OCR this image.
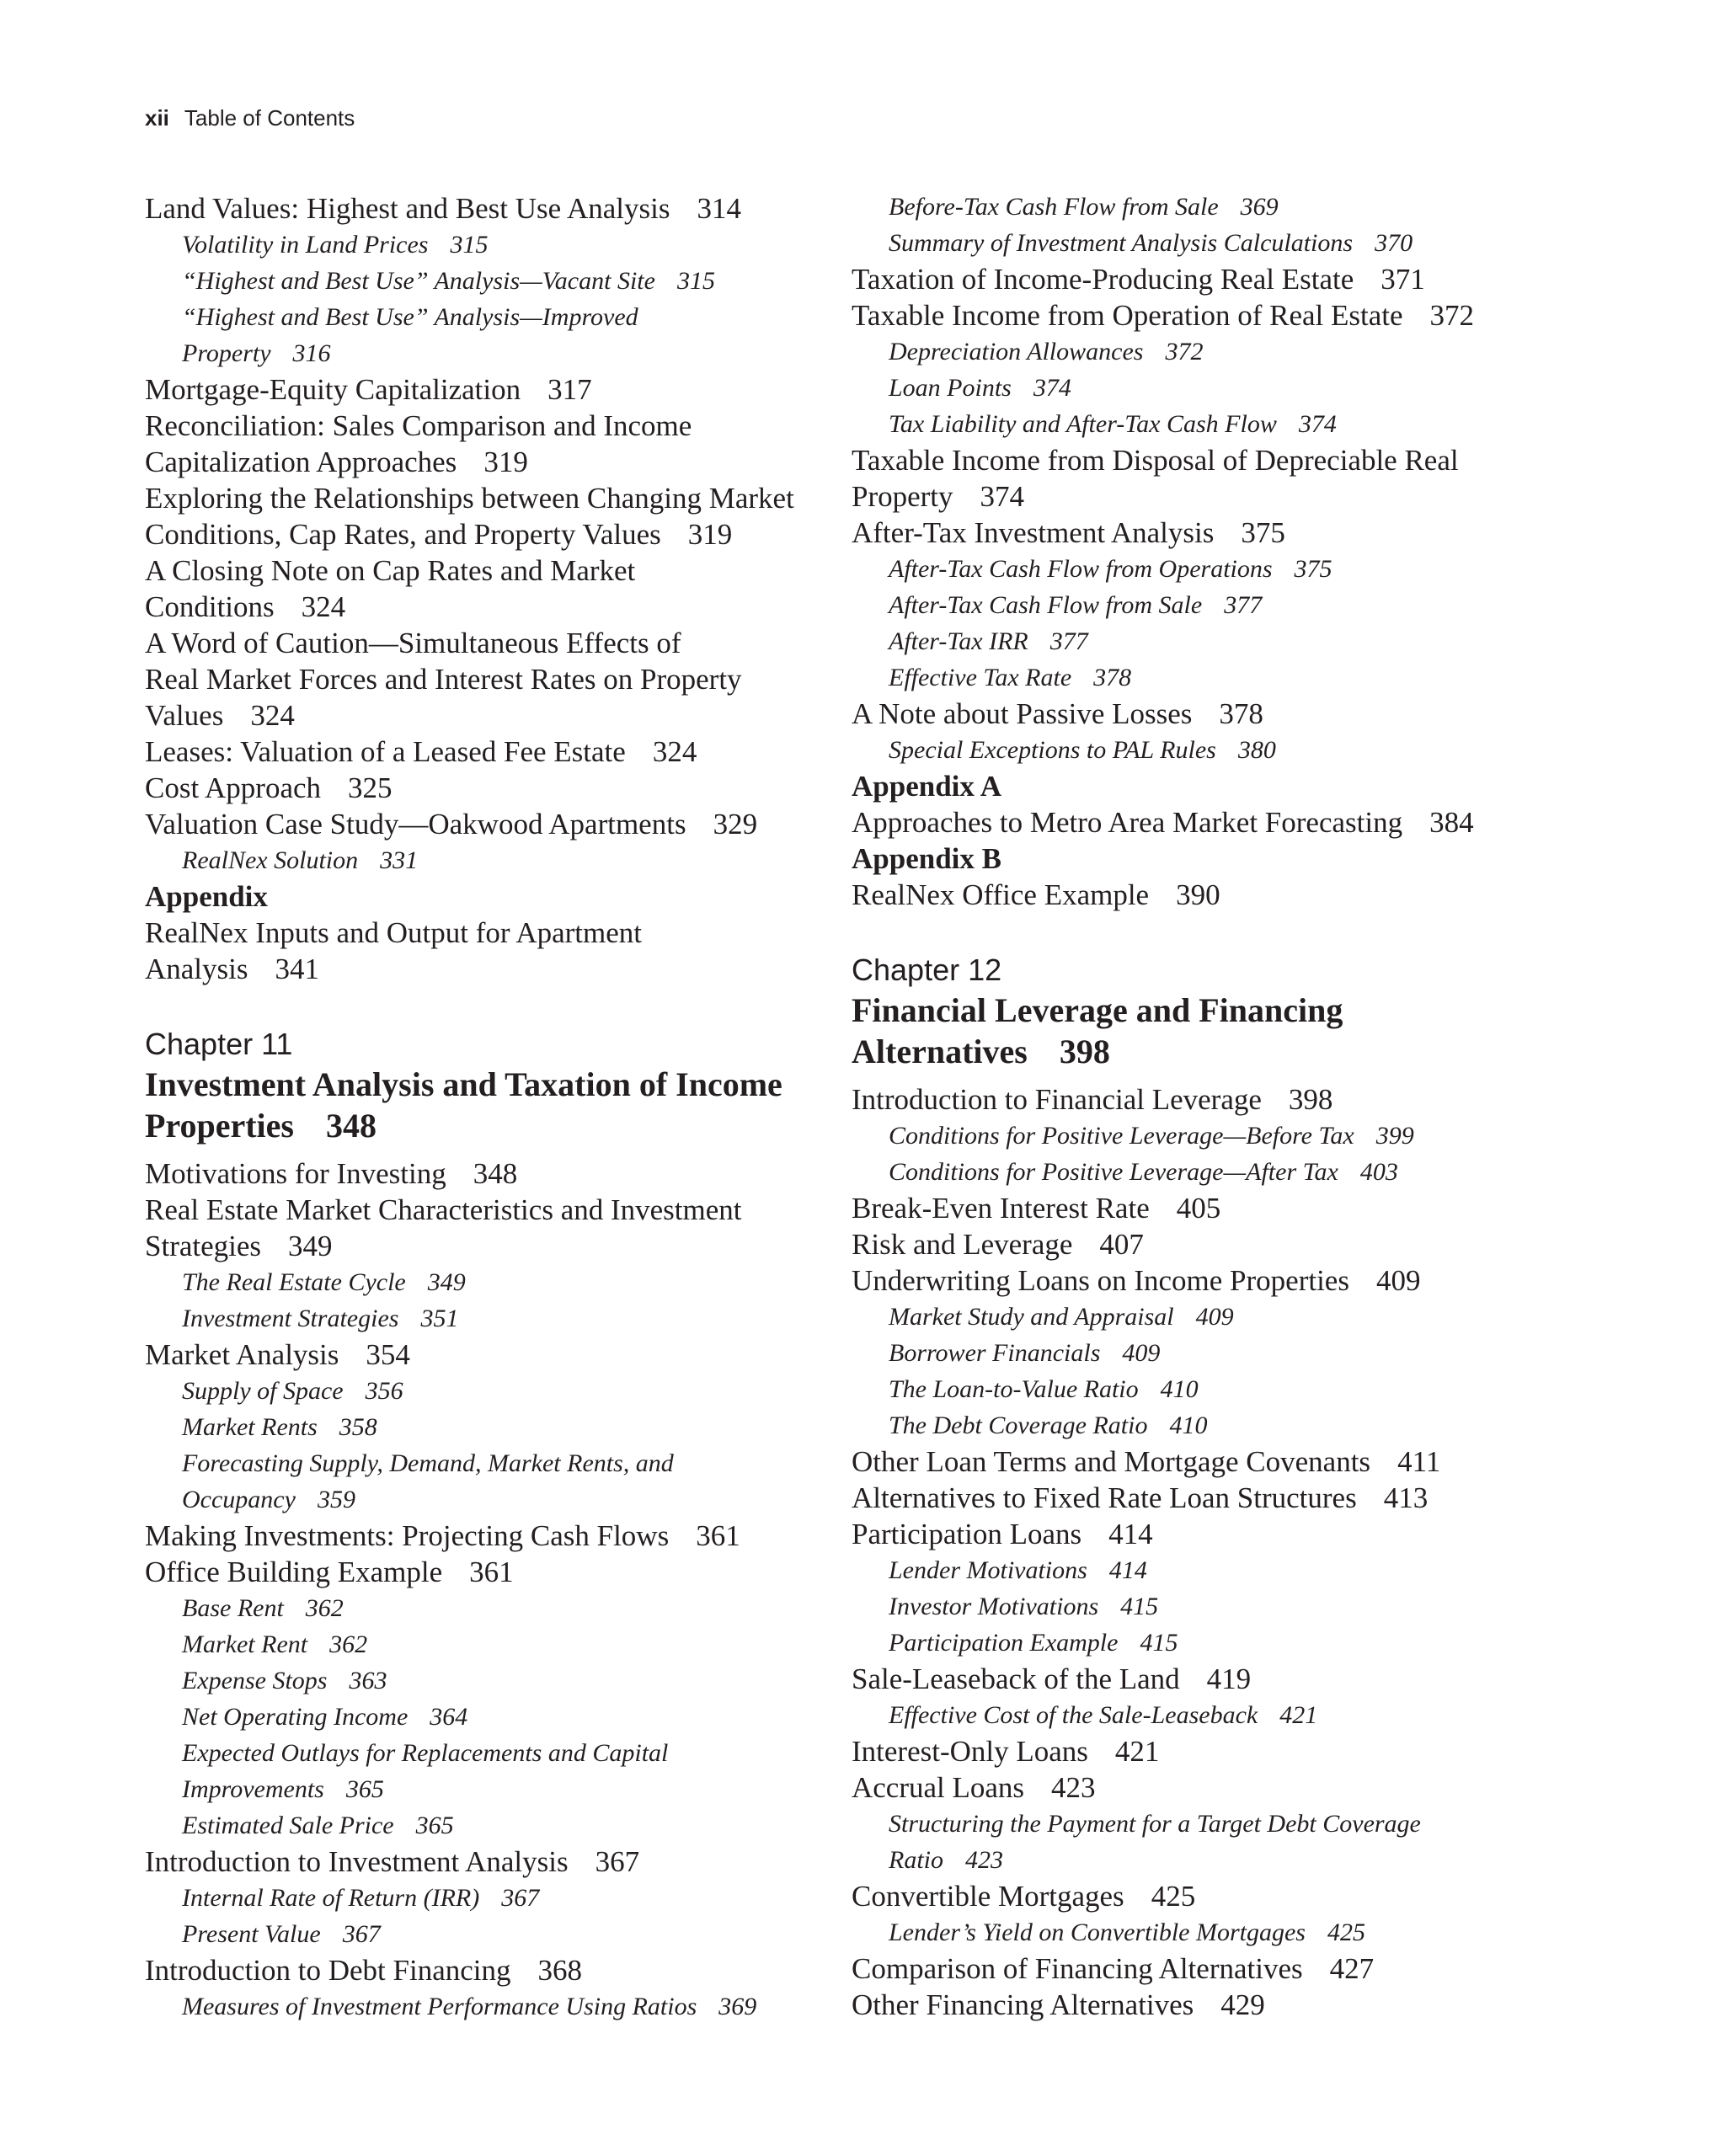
xii Table of Contents
Land Values: Highest and Best Use Analysis 314
Volatility in Land Prices 315
“Highest and Best Use” Analysis—Vacant Site 315
“Highest and Best Use” Analysis—Improved
Property 316
Mortgage-Equity Capitalization 317
Reconciliation: Sales Comparison and Income
Capitalization Approaches 319
Exploring the Relationships between Changing Market
Conditions, Cap Rates, and Property Values 319
A Closing Note on Cap Rates and Market
Conditions 324
A Word of Caution—Simultaneous Effects of
Real Market Forces and Interest Rates on Property
Values 324
Leases: Valuation of a Leased Fee Estate 324
Cost Approach 325
Valuation Case Study—Oakwood Apartments 329
RealNex Solution 331
Appendix
RealNex Inputs and Output for Apartment
Analysis 341
Chapter 11
Investment Analysis and Taxation of Income
Properties 348
Motivations for Investing 348
Real Estate Market Characteristics and Investment
Strategies 349
The Real Estate Cycle 349
Investment Strategies 351
Market Analysis 354
Supply of Space 356
Market Rents 358
Forecasting Supply, Demand, Market Rents, and
Occupancy 359
Making Investments: Projecting Cash Flows 361
Office Building Example 361
Base Rent 362
Market Rent 362
Expense Stops 363
Net Operating Income 364
Expected Outlays for Replacements and Capital
Improvements 365
Estimated Sale Price 365
Introduction to Investment Analysis 367
Internal Rate of Return (IRR) 367
Present Value 367
Introduction to Debt Financing 368
Measures of Investment Performance Using Ratios 369
Before-Tax Cash Flow from Sale 369
Summary of Investment Analysis Calculations 370
Taxation of Income-Producing Real Estate 371
Taxable Income from Operation of Real Estate 372
Depreciation Allowances 372
Loan Points 374
Tax Liability and After-Tax Cash Flow 374
Taxable Income from Disposal of Depreciable Real
Property 374
After-Tax Investment Analysis 375
After-Tax Cash Flow from Operations 375
After-Tax Cash Flow from Sale 377
After-Tax IRR 377
Effective Tax Rate 378
A Note about Passive Losses 378
Special Exceptions to PAL Rules 380
Appendix A
Approaches to Metro Area Market Forecasting 384
Appendix B
RealNex Office Example 390
Chapter 12
Financial Leverage and Financing
Alternatives 398
Introduction to Financial Leverage 398
Conditions for Positive Leverage—Before Tax 399
Conditions for Positive Leverage—After Tax 403
Break-Even Interest Rate 405
Risk and Leverage 407
Underwriting Loans on Income Properties 409
Market Study and Appraisal 409
Borrower Financials 409
The Loan-to-Value Ratio 410
The Debt Coverage Ratio 410
Other Loan Terms and Mortgage Covenants 411
Alternatives to Fixed Rate Loan Structures 413
Participation Loans 414
Lender Motivations 414
Investor Motivations 415
Participation Example 415
Sale-Leaseback of the Land 419
Effective Cost of the Sale-Leaseback 421
Interest-Only Loans 421
Accrual Loans 423
Structuring the Payment for a Target Debt Coverage
Ratio 423
Convertible Mortgages 425
Lender’s Yield on Convertible Mortgages 425
Comparison of Financing Alternatives 427
Other Financing Alternatives 429
